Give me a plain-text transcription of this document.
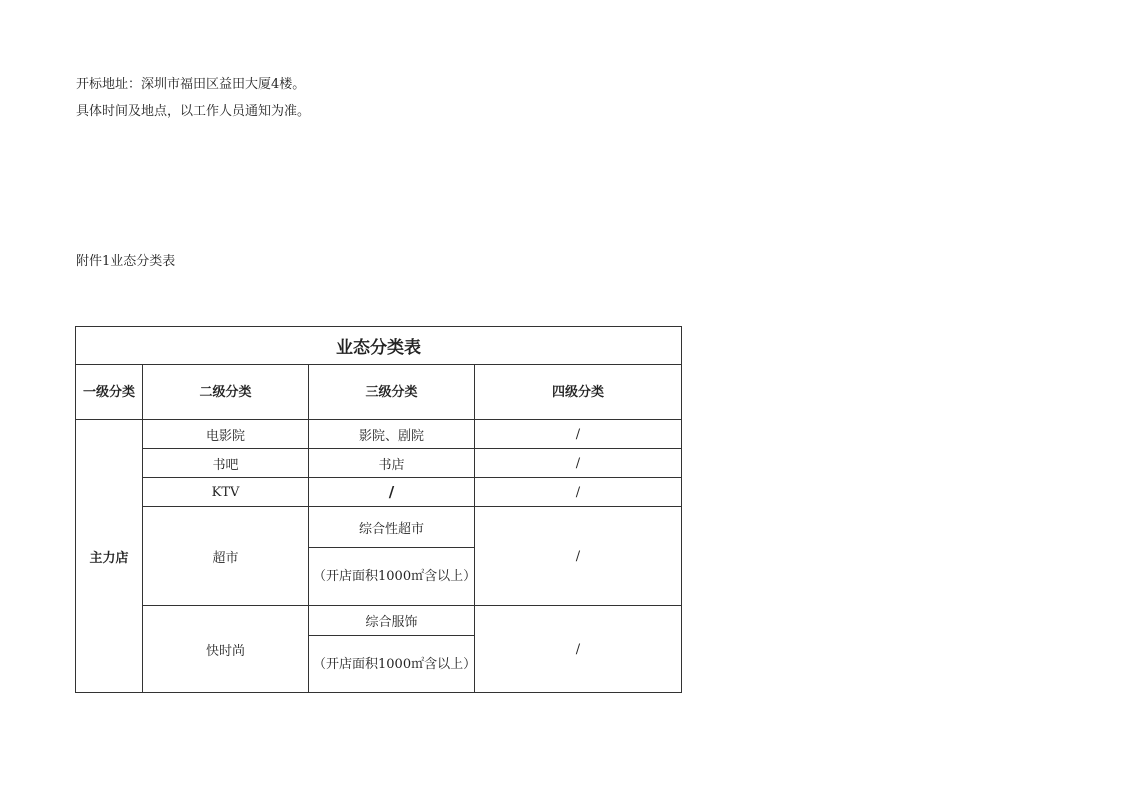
开标地址：深圳市福田区益田大厦4楼。
具体时间及地点，以工作人员通知为准。
附件1业态分类表
业态分类表			
一级分类	二级分类	三级分类	四级分类
主力店	电影院	影院、剧院	/
	书吧	书店	/
	KTV	/	/
	超市	综合性超市	/
		（开店面积1000㎡含以上）	
	快时尚	综合服饰	/
		（开店面积1000㎡含以上）	
